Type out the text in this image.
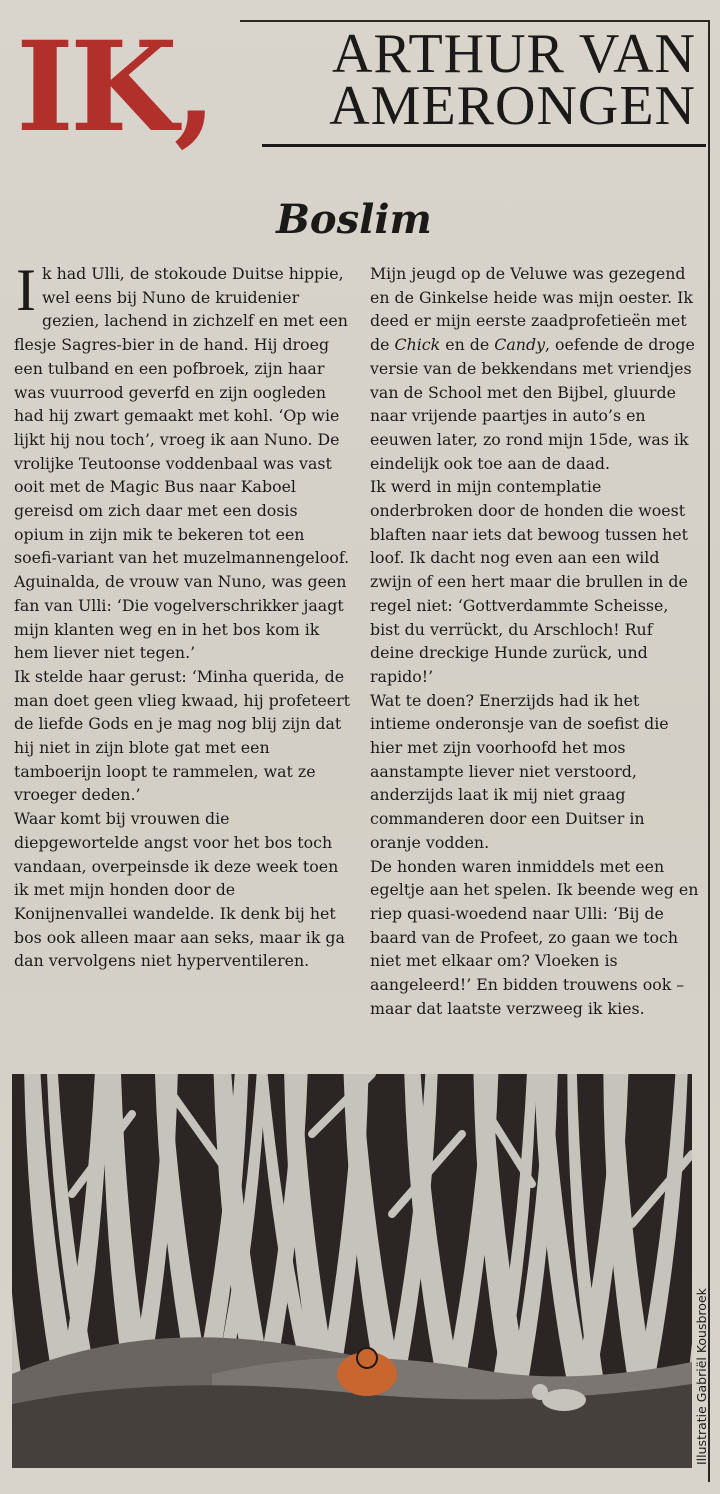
IK,	ARTHUR VAN
AMERONGEN
Boslim

I k had Ulli, de stokoude Duitse hippie, wel eens bij Nuno de kruidenier gezien, lachend in zichzelf en met een flesje Sagres-bier in de hand. Hij droeg een tulband en een pofbroek, zijn haar was vuurrood geverfd en zijn oogleden had hij zwart gemaakt met kohl. ‘Op wie lijkt hij nou toch’, vroeg ik aan Nuno. De vrolijke Teutoonse voddenbaal was vast ooit met de Magic Bus naar Kaboel gereisd om zich daar met een dosis opium in zijn mik te bekeren tot een soefi-variant van het muzelmannengeloof.

Aguinalda, de vrouw van Nuno, was geen fan van Ulli: ‘Die vogelverschrikker jaagt mijn klanten weg en in het bos kom ik hem liever niet tegen.’

Ik stelde haar gerust: ‘Minha querida, de man doet geen vlieg kwaad, hij profeteert de liefde Gods en je mag nog blij zijn dat hij niet in zijn blote gat met een tamboerijn loopt te rammelen, wat ze vroeger deden.’

Waar komt bij vrouwen die diepgewortelde angst voor het bos toch vandaan, overpeinsde ik deze week toen ik met mijn honden door de Konijnenvallei wandelde. Ik denk bij het bos ook alleen maar aan seks, maar ik ga dan vervolgens niet hyperventileren.

Mijn jeugd op de Veluwe was gezegend en de Ginkelse heide was mijn oester. Ik deed er mijn eerste zaadprofetieën met de Chick en de Candy, oefende de droge versie van de bekkendans met vriendjes van de School met den Bijbel, gluurde naar vrijende paartjes in auto’s en eeuwen later, zo rond mijn 15de, was ik eindelijk ook toe aan de daad.

Ik werd in mijn contemplatie onderbroken door de honden die woest blaften naar iets dat bewoog tussen het loof. Ik dacht nog even aan een wild zwijn of een hert maar die brullen in de regel niet: ‘Gottverdammte Scheisse, bist du verrückt, du Arschloch! Ruf deine dreckige Hunde zurück, und rapido!’

Wat te doen? Enerzijds had ik het intieme onderonsje van de soefist die hier met zijn voorhoofd het mos aanstampte liever niet verstoord, anderzijds laat ik mij niet graag commanderen door een Duitser in oranje vodden.

De honden waren inmiddels met een egeltje aan het spelen. Ik beende weg en riep quasi-woedend naar Ulli: ‘Bij de baard van de Profeet, zo gaan we toch niet met elkaar om? Vloeken is aangeleerd!’ En bidden trouwens ook – maar dat laatste verzweeg ik kies.

Illustratie Gabriël Kousbroek
